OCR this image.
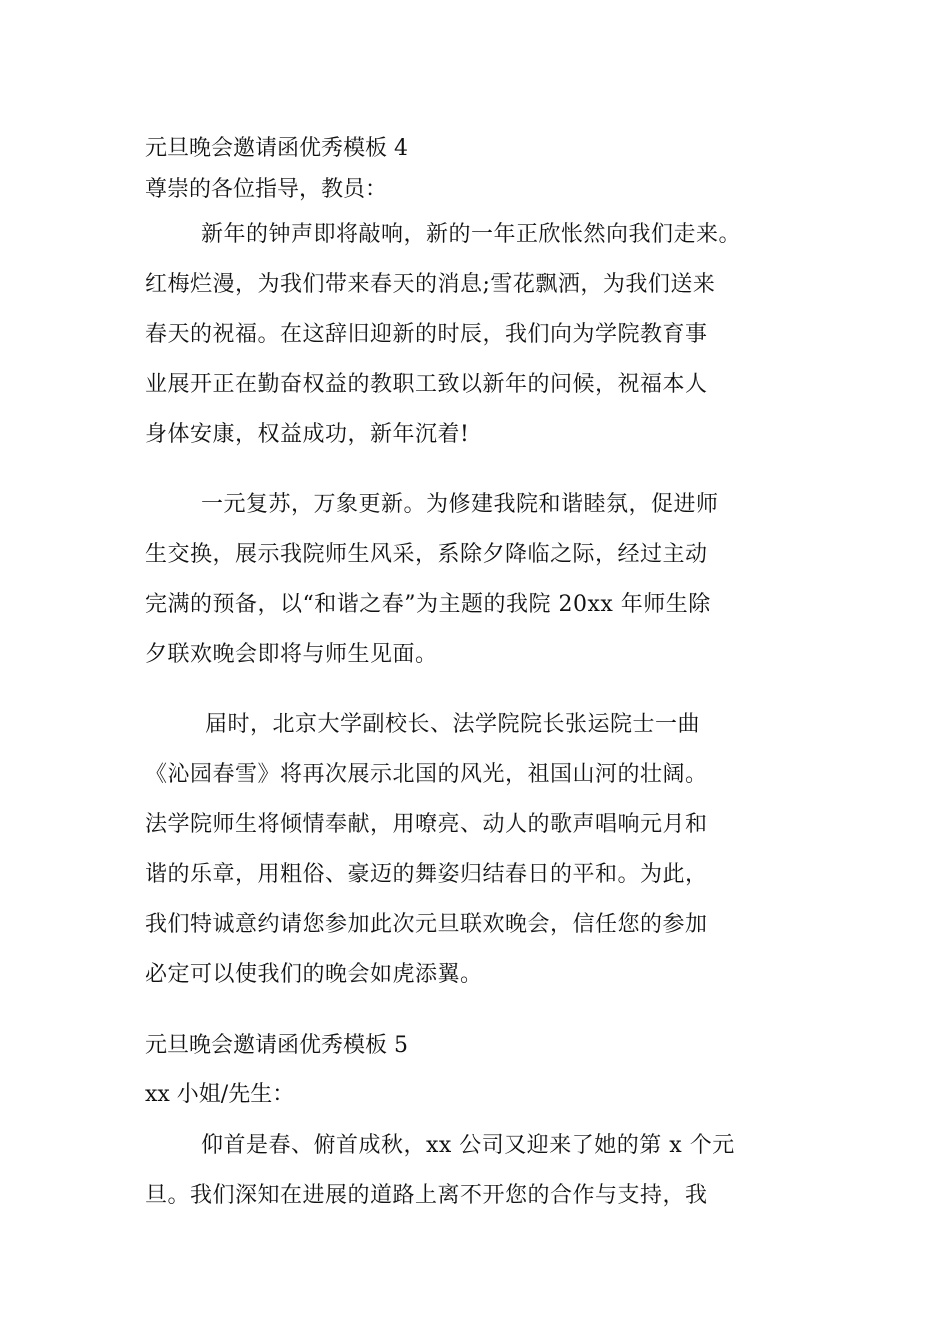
元旦晚会邀请函优秀模板 4
尊崇的各位指导，教员：
新年的钟声即将敲响，新的一年正欣怅然向我们走来。
红梅烂漫，为我们带来春天的消息;雪花飘洒，为我们送来
春天的祝福。在这辞旧迎新的时辰，我们向为学院教育事
业展开正在勤奋权益的教职工致以新年的问候，祝福本人
身体安康，权益成功，新年沉着!
一元复苏，万象更新。为修建我院和谐睦氛，促进师
生交换，展示我院师生风采，系除夕降临之际，经过主动
完满的预备，以“和谐之春”为主题的我院 20xx 年师生除
夕联欢晚会即将与师生见面。
届时，北京大学副校长、法学院院长张运院士一曲
《沁园春雪》将再次展示北国的风光，祖国山河的壮阔。
法学院师生将倾情奉献，用嘹亮、动人的歌声唱响元月和
谐的乐章，用粗俗、豪迈的舞姿归结春日的平和。为此，
我们特诚意约请您参加此次元旦联欢晚会，信任您的参加
必定可以使我们的晚会如虎添翼。
元旦晚会邀请函优秀模板 5
xx 小姐/先生：
仰首是春、俯首成秋，xx 公司又迎来了她的第 x 个元
旦。我们深知在进展的道路上离不开您的合作与支持，我
